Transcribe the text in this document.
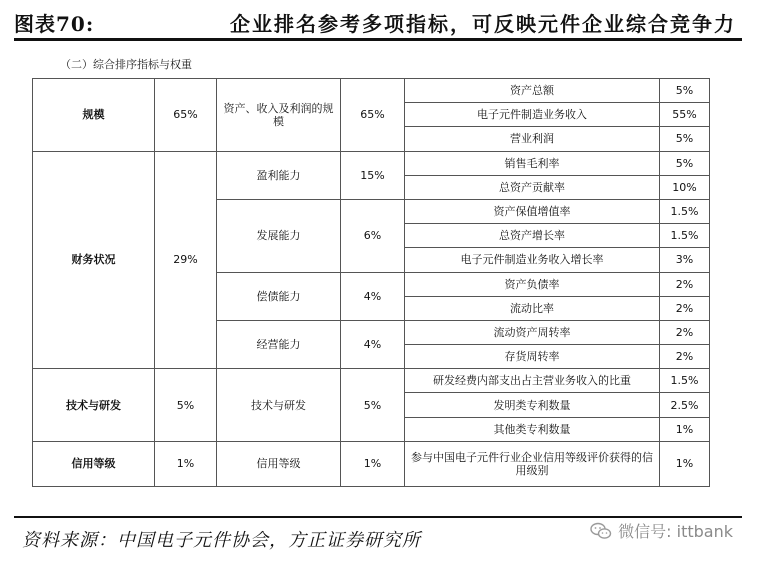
图表70:	企业排名参考多项指标，可反映元件企业综合竞争力
（二）综合排序指标与权重
规模	65%	资产、收入及利润的规模	65%	资产总额	5%
				电子元件制造业务收入	55%
				营业利润	5%
财务状况	29%	盈利能力	15%	销售毛利率	5%
				总资产贡献率	10%
		发展能力	6%	资产保值增值率	1.5%
				总资产增长率	1.5%
				电子元件制造业务收入增长率	3%
		偿债能力	4%	资产负债率	2%
				流动比率	2%
		经营能力	4%	流动资产周转率	2%
				存货周转率	2%
技术与研发	5%	技术与研发	5%	研发经费内部支出占主营业务收入的比重	1.5%
				发明类专利数量	2.5%
				其他类专利数量	1%
信用等级	1%	信用等级	1%	参与中国电子元件行业企业信用等级评价获得的信用级别	1%
资料来源：中国电子元件协会，方正证券研究所	微信号: ittbank
